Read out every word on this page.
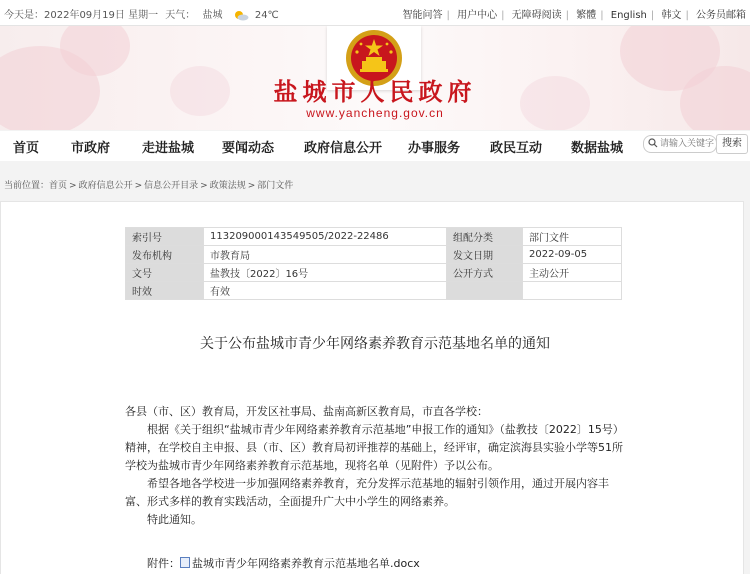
今天是：2022年09月19日 星期一 天气： 盐城	24℃	智能问答 | 用户中心 | 无障碍阅读 | 繁體 | English | 韩文 | 公务员邮箱
盐城市人民政府
www.yancheng.gov.cn
首页 市政府 走进盐城 要闻动态 政府信息公开 办事服务 政民互动 数据盐城
请输入关键字	搜索
当前位置：首页 > 政府信息公开 > 信息公开目录 > 政策法规 > 部门文件
索引号	113209000143549505/2022-22486	组配分类	部门文件
发布机构	市教育局	发文日期	2022-09-05
文号	盐教技〔2022〕16号	公开方式	主动公开
时效	有效		
关于公布盐城市青少年网络素养教育示范基地名单的通知

各县（市、区）教育局，开发区社事局、盐南高新区教育局，市直各学校：

根据《关于组织“盐城市青少年网络素养教育示范基地”申报工作的通知》（盐教技〔2022〕15号）精神，在学校自主申报、县（市、区）教育局初评推荐的基础上，经评审，确定滨海县实验小学等51所学校为盐城市青少年网络素养教育示范基地，现将名单（见附件）予以公布。

希望各地各学校进一步加强网络素养教育，充分发挥示范基地的辐射引领作用，通过开展内容丰富、形式多样的教育实践活动，全面提升广大中小学生的网络素养。

特此通知。

附件： 盐城市青少年网络素养教育示范基地名单.docx
